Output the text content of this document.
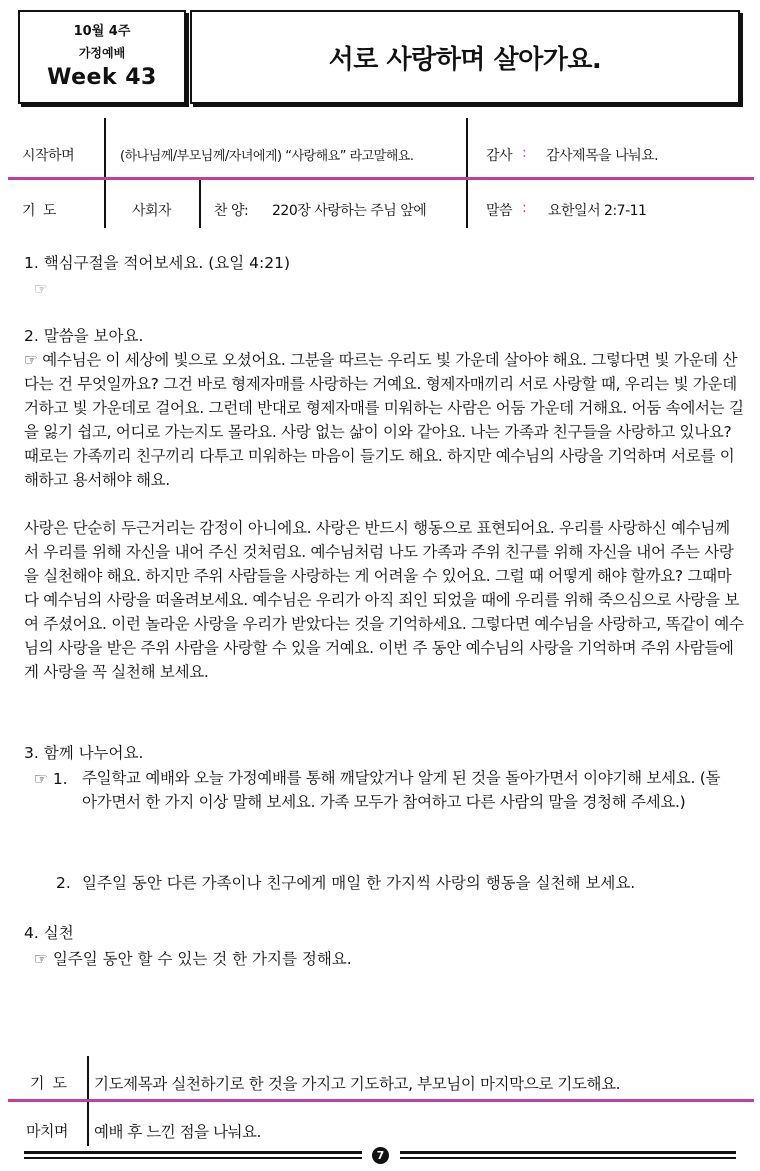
10월 4주
가정예배
Week 43
서로 사랑하며 살아가요.
시작하며	(하나님께/부모님께/자녀에게) “사랑해요” 라고말해요.	감사 : 감사제목을 나눠요.
기  도	사회자	찬 양: 220장 사랑하는 주님 앞에	말씀 : 요한일서 2:7-11
1. 핵심구절을 적어보세요. (요일 4:21)
☞
2. 말씀을 보아요.
☞ 예수님은 이 세상에 빛으로 오셨어요. 그분을 따르는 우리도 빛 가운데 살아야 해요. 그렇다면 빛 가운데 산다는 건 무엇일까요? 그건 바로 형제자매를 사랑하는 거예요. 형제자매끼리 서로 사랑할 때, 우리는 빛 가운데 거하고 빛 가운데로 걸어요. 그런데 반대로 형제자매를 미워하는 사람은 어둠 가운데 거해요. 어둠 속에서는 길을 잃기 쉽고, 어디로 가는지도 몰라요. 사랑 없는 삶이 이와 같아요. 나는 가족과 친구들을 사랑하고 있나요? 때로는 가족끼리 친구끼리 다투고 미워하는 마음이 들기도 해요. 하지만 예수님의 사랑을 기억하며 서로를 이해하고 용서해야 해요.
사랑은 단순히 두근거리는 감정이 아니에요. 사랑은 반드시 행동으로 표현되어요. 우리를 사랑하신 예수님께서 우리를 위해 자신을 내어 주신 것처럼요. 예수님처럼 나도 가족과 주위 친구를 위해 자신을 내어 주는 사랑을 실천해야 해요. 하지만 주위 사람들을 사랑하는 게 어려울 수 있어요. 그럴 때 어떻게 해야 할까요? 그때마다 예수님의 사랑을 떠올려보세요. 예수님은 우리가 아직 죄인 되었을 때에 우리를 위해 죽으심으로 사랑을 보여 주셨어요. 이런 놀라운 사랑을 우리가 받았다는 것을 기억하세요. 그렇다면 예수님을 사랑하고, 똑같이 예수님의 사랑을 받은 주위 사람을 사랑할 수 있을 거예요. 이번 주 동안 예수님의 사랑을 기억하며 주위 사람들에게 사랑을 꼭 실천해 보세요.
3. 함께 나누어요.
☞ 1. 주일학교 예배와 오늘 가정예배를 통해 깨달았거나 알게 된 것을 돌아가면서 이야기해 보세요. (돌아가면서 한 가지 이상 말해 보세요. 가족 모두가 참여하고 다른 사람의 말을 경청해 주세요.)
2. 일주일 동안 다른 가족이나 친구에게 매일 한 가지씩 사랑의 행동을 실천해 보세요.
4. 실천
☞ 일주일 동안 할 수 있는 것 한 가지를 정해요.
기  도 기도제목과 실천하기로 한 것을 가지고 기도하고, 부모님이 마지막으로 기도해요.
마치며 예배 후 느낀 점을 나눠요.
7
